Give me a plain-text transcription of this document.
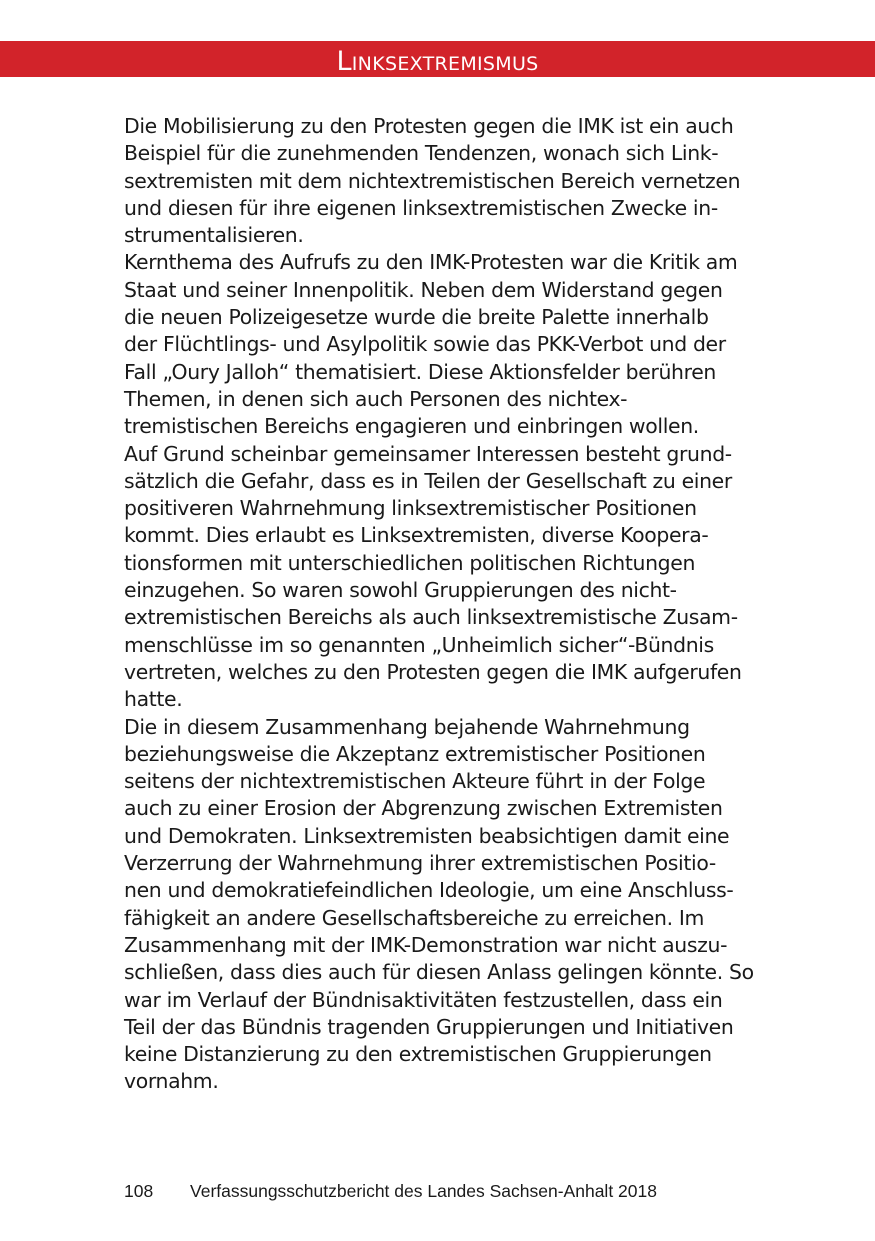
Linksextremismus
Die Mobilisierung zu den Protesten gegen die IMK ist ein auch
Beispiel für die zunehmenden Tendenzen, wonach sich Link-
sextremisten mit dem nichtextremistischen Bereich vernetzen
und diesen für ihre eigenen linksextremistischen Zwecke in-
strumentalisieren.
Kernthema des Aufrufs zu den IMK-Protesten war die Kritik am
Staat und seiner Innenpolitik. Neben dem Widerstand gegen
die neuen Polizeigesetze wurde die breite Palette innerhalb
der Flüchtlings- und Asylpolitik sowie das PKK-Verbot und der
Fall „Oury Jalloh“ thematisiert. Diese Aktionsfelder berühren
Themen, in denen sich auch Personen des nichtex-
tremistischen Bereichs engagieren und einbringen wollen.
Auf Grund scheinbar gemeinsamer Interessen besteht grund-
sätzlich die Gefahr, dass es in Teilen der Gesellschaft zu einer
positiveren Wahrnehmung linksextremistischer Positionen
kommt. Dies erlaubt es Linksextremisten, diverse Koopera-
tionsformen mit unterschiedlichen politischen Richtungen
einzugehen. So waren sowohl Gruppierungen des nicht-
extremistischen Bereichs als auch linksextremistische Zusam-
menschlüsse im so genannten „Unheimlich sicher“-Bündnis
vertreten, welches zu den Protesten gegen die IMK aufgerufen
hatte.
Die in diesem Zusammenhang bejahende Wahrnehmung
beziehungsweise die Akzeptanz extremistischer Positionen
seitens der nichtextremistischen Akteure führt in der Folge
auch zu einer Erosion der Abgrenzung zwischen Extremisten
und Demokraten. Linksextremisten beabsichtigen damit eine
Verzerrung der Wahrnehmung ihrer extremistischen Positio-
nen und demokratiefeindlichen Ideologie, um eine Anschluss-
fähigkeit an andere Gesellschaftsbereiche zu erreichen. Im
Zusammenhang mit der IMK-Demonstration war nicht auszu-
schließen, dass dies auch für diesen Anlass gelingen könnte. So
war im Verlauf der Bündnisaktivitäten festzustellen, dass ein
Teil der das Bündnis tragenden Gruppierungen und Initiativen
keine Distanzierung zu den extremistischen Gruppierungen
vornahm.
108 Verfassungsschutzbericht des Landes Sachsen-Anhalt 2018
